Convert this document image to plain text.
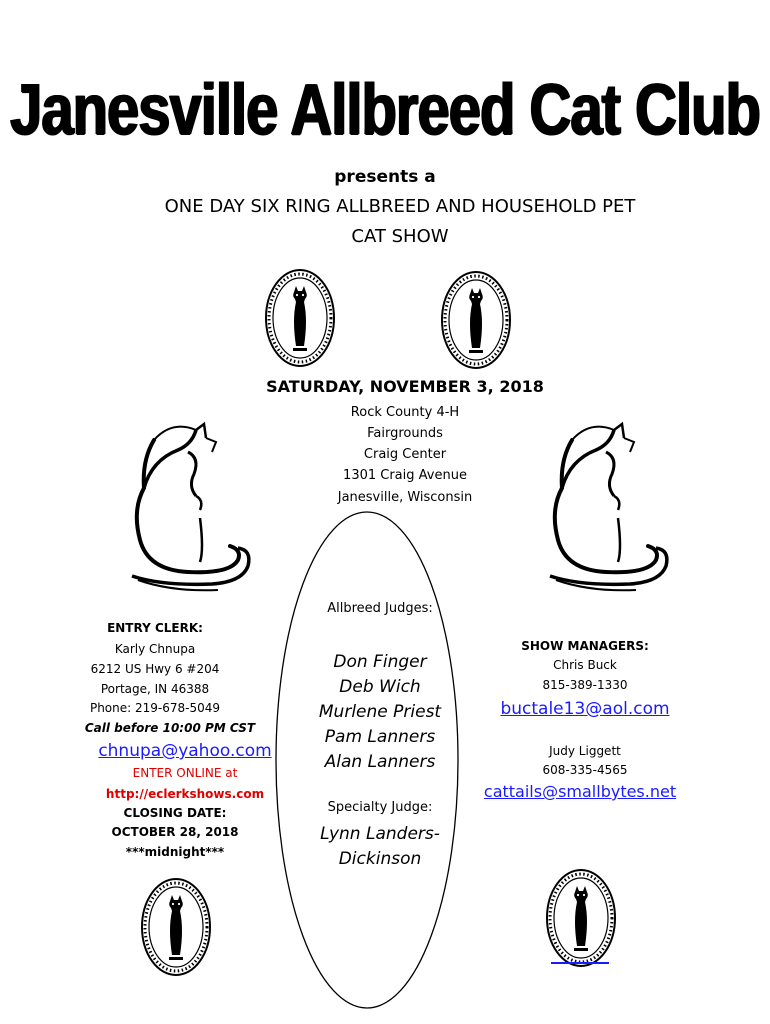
Janesville Allbreed Cat Club
presents a
ONE DAY SIX RING ALLBREED AND HOUSEHOLD PET
CAT SHOW
SATURDAY, NOVEMBER 3, 2018
Rock County 4-H
Fairgrounds
Craig Center
1301 Craig Avenue
Janesville, Wisconsin
Allbreed Judges:
Don Finger
Deb Wich
Murlene Priest
Pam Lanners
Alan Lanners
Specialty Judge:
Lynn Landers-
Dickinson
ENTRY CLERK:
Karly Chnupa
6212 US Hwy 6 #204
Portage, IN 46388
Phone: 219-678-5049
Call before 10:00 PM CST
chnupa@yahoo.com
ENTER ONLINE at
http://eclerkshows.com
CLOSING DATE:
OCTOBER 28, 2018
***midnight***
SHOW MANAGERS:
Chris Buck
815-389-1330
buctale13@aol.com
Judy Liggett
608-335-4565
cattails@smallbytes.net
